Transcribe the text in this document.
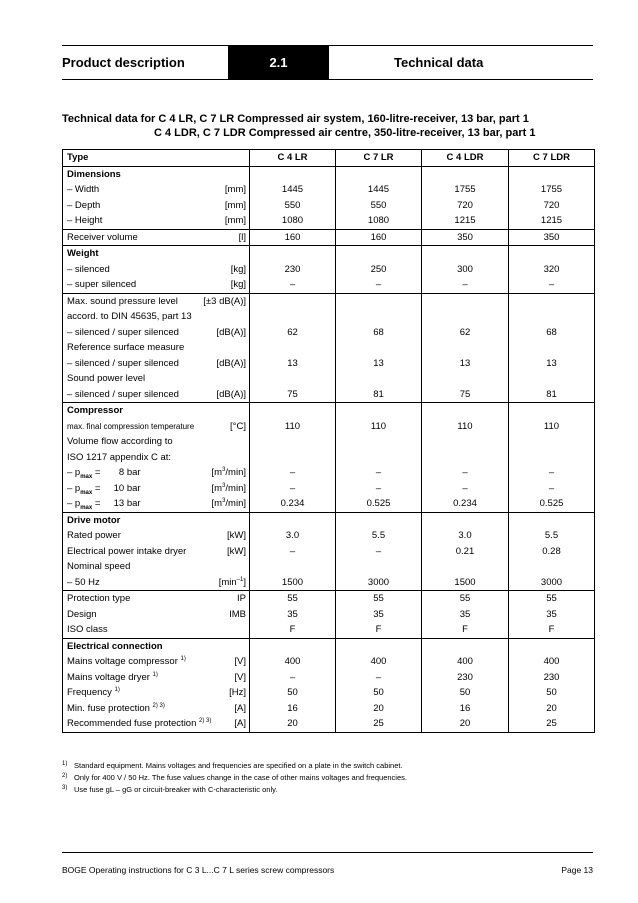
Product description	2.1	Technical data
Technical data for C 4 LR, C 7 LR Compressed air system, 160-litre-receiver, 13 bar, part 1
C 4 LDR, C 7 LDR Compressed air centre, 350-litre-receiver, 13 bar, part 1
Type	C 4 LR	C 7 LR	C 4 LDR	C 7 LDR
Dimensions				
– Width [mm]	1445	1445	1755	1755
– Depth [mm]	550	550	720	720
– Height [mm]	1080	1080	1215	1215
Receiver volume [l]	160	160	350	350
Weight				
– silenced [kg]	230	250	300	320
– super silenced [kg]	–	–	–	–
Max. sound pressure level [±3 dB(A)]				

accord. to DIN 45635, part 13				
– silenced / super silenced [dB(A)]	62	68	62	68
Reference surface measure				
– silenced / super silenced [dB(A)]	13	13	13	13
Sound power level				
– silenced / super silenced [dB(A)]	75	81	75	81
Compressor				
max. final compression temperature [°C]	110	110	110	110
Volume flow according to				
ISO 1217 appendix C at:				
– $p_{max}$ =       8 bar $[m^3/\min]$	–	–	–	–
– $p_{max}$ =     10 bar $[m^3/\min]$	–	–	–	–
– $p_{max}$ =     13 bar $[m^3/\min]$	0.234	0.525	0.234	0.525
Drive motor				
Rated power [kW]	3.0	5.5	3.0	5.5
Electrical power intake dryer [kW]	–	–	0.21	0.28
Nominal speed				
– 50 Hz $[\min^{-1}]$	1500	3000	1500	3000
Protection type IP	55	55	55	55
Design IMB	35	35	35	35
ISO class	F	F	F	F
Electrical connection				
Mains voltage compressor $^{1)}$ [V]	400	400	400	400
Mains voltage dryer $^{1)}$ [V]	–	–	230	230
Frequency $^{1)}$ [Hz]	50	50	50	50
Min. fuse protection $^{2) 3)}$ [A]	16	20	16	20
Recommended fuse protection $^{2) 3)}$ [A]	20	25	20	25
1) Standard equipment. Mains voltages and frequencies are specified on a plate in the switch cabinet.
2) Only for 400 V / 50 Hz. The fuse values change in the case of other mains voltages and frequencies.
3) Use fuse gL – gG or circuit-breaker with C-characteristic only.
BOGE Operating instructions for C 3 L...C 7 L series screw compressors	Page 13
